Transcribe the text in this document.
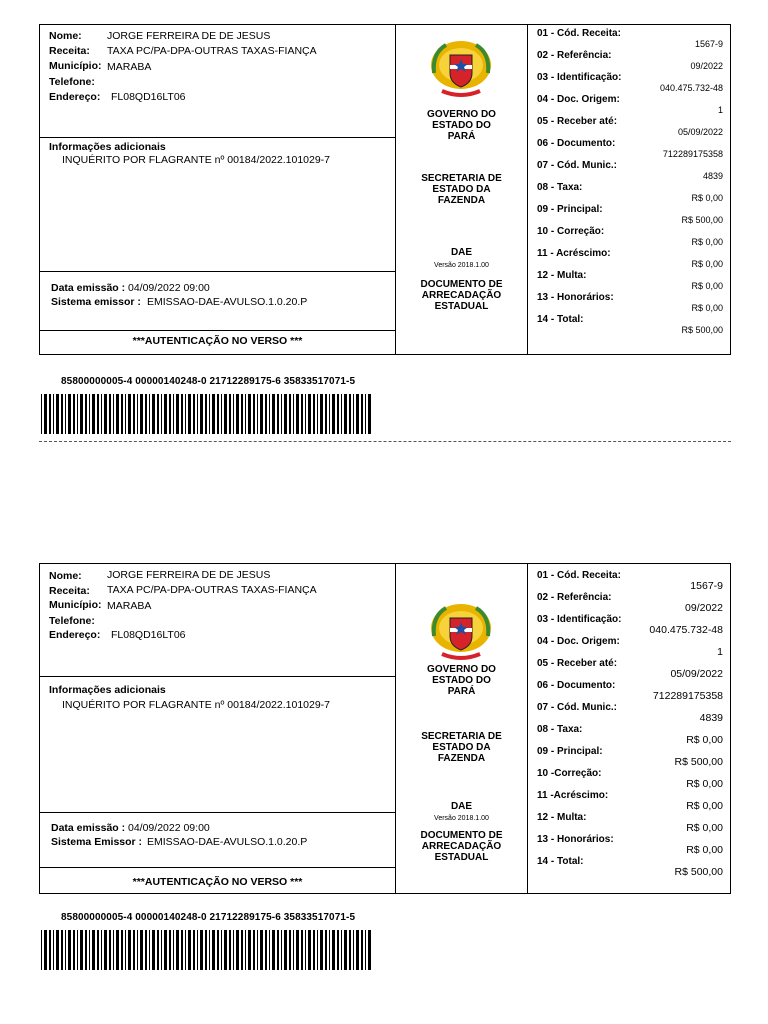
Nome: JORGE FERREIRA DE DE JESUS
Receita: TAXA PC/PA-DPA-OUTRAS TAXAS-FIANÇA
Município: MARABA
Telefone:
Endereço: FL08QD16LT06
Informações adicionais
INQUÉRITO POR FLAGRANTE nº 00184/2022.101029-7
Data emissão : 04/09/2022 09:00
Sistema emissor : EMISSAO-DAE-AVULSO.1.0.20.P
***AUTENTICAÇÃO NO VERSO ***
GOVERNO DO
ESTADO DO
PARÁ
SECRETARIA DE
ESTADO DA
FAZENDA
DAE
Versão 2018.1.00
DOCUMENTO DE
ARRECADAÇÃO
ESTADUAL
01 - Cód. Receita:
1567-9
02 - Referência:
09/2022
03 - Identificação:
040.475.732-48
04 - Doc. Origem:
1
05 - Receber até:
05/09/2022
06 - Documento:
712289175358
07 - Cód. Munic.:
4839
08 - Taxa:
R$ 0,00
09 - Principal:
R$ 500,00
10 - Correção:
R$ 0,00
11 - Acréscimo:
R$ 0,00
12 - Multa:
R$ 0,00
13 - Honorários:
R$ 0,00
14 - Total:
R$ 500,00
85800000005-4 00000140248-0 21712289175-6 35833517071-5
Nome: JORGE FERREIRA DE DE JESUS
Receita: TAXA PC/PA-DPA-OUTRAS TAXAS-FIANÇA
Município: MARABA
Telefone:
Endereço: FL08QD16LT06
Informações adicionais
INQUÉRITO POR FLAGRANTE nº 00184/2022.101029-7
Data emissão : 04/09/2022 09:00
Sistema Emissor : EMISSAO-DAE-AVULSO.1.0.20.P
***AUTENTICAÇÃO NO VERSO ***
GOVERNO DO
ESTADO DO
PARÁ
SECRETARIA DE
ESTADO DA
FAZENDA
DAE
Versão 2018.1.00
DOCUMENTO DE
ARRECADAÇÃO
ESTADUAL
01 - Cód. Receita:
1567-9
02 - Referência:
09/2022
03 - Identificação:
040.475.732-48
04 - Doc. Origem:
1
05 - Receber até:
05/09/2022
06 - Documento:
712289175358
07 - Cód. Munic.:
4839
08 - Taxa:
R$ 0,00
09 - Principal:
R$ 500,00
10 -Correção:
R$ 0,00
11 -Acréscimo:
R$ 0,00
12 - Multa:
R$ 0,00
13 - Honorários:
R$ 0,00
14 - Total:
R$ 500,00
85800000005-4 00000140248-0 21712289175-6 35833517071-5
